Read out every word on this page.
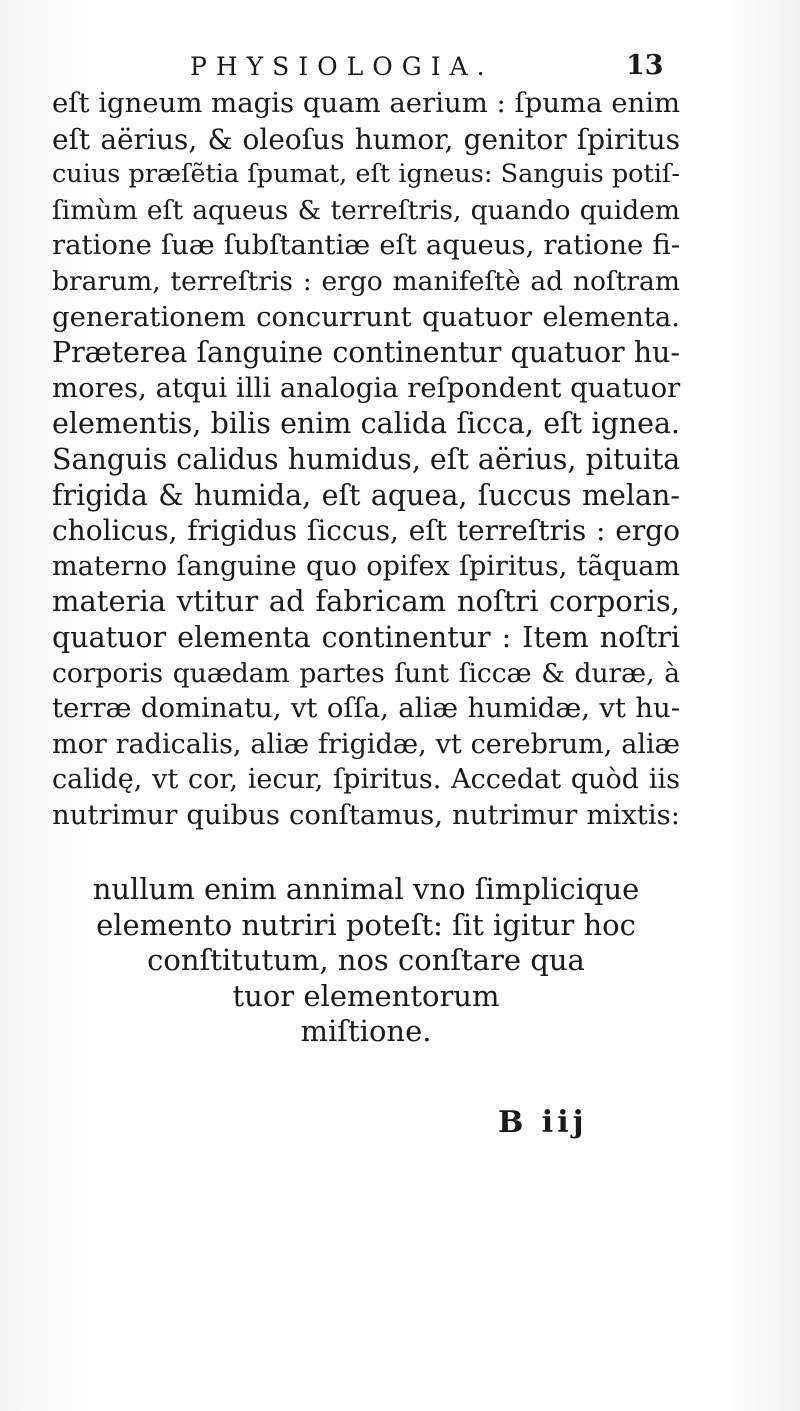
PHYSIOLOGIA.	13
eſt igneum magis quam aerium : ſpuma enim
eſt aërius, & oleoſus humor, genitor ſpiritus
cuius præſẽtia ſpumat, eſt igneus: Sanguis potiſ-
ſimùm eſt aqueus & terreſtris, quando quidem
ratione ſuæ ſubſtantiæ eſt aqueus, ratione fi-
brarum, terreſtris : ergo manifeſtè ad noſtram
generationem concurrunt quatuor elementa.
Præterea ſanguine continentur quatuor hu-
mores, atqui illi analogia reſpondent quatuor
elementis, bilis enim calida ſicca, eſt ignea.
Sanguis calidus humidus, eſt aërius, pituita
frigida & humida, eſt aquea, ſuccus melan-
cholicus, frigidus ſiccus, eſt terreſtris : ergo
materno ſanguine quo opifex ſpiritus, tãquam
materia vtitur ad fabricam noſtri corporis,
quatuor elementa continentur : Item noſtri
corporis quædam partes ſunt ſiccæ & duræ, à
terræ dominatu, vt oſſa, aliæ humidæ, vt hu-
mor radicalis, aliæ frigidæ, vt cerebrum, aliæ
calidę, vt cor, iecur, ſpiritus. Accedat quòd iis
nutrimur quibus conſtamus, nutrimur mixtis:
nullum enim annimal vno ſimplicique
elemento nutriri poteſt: ſit igitur hoc
conſtitutum, nos conſtare qua
tuor elementorum
miſtione.
B iij
